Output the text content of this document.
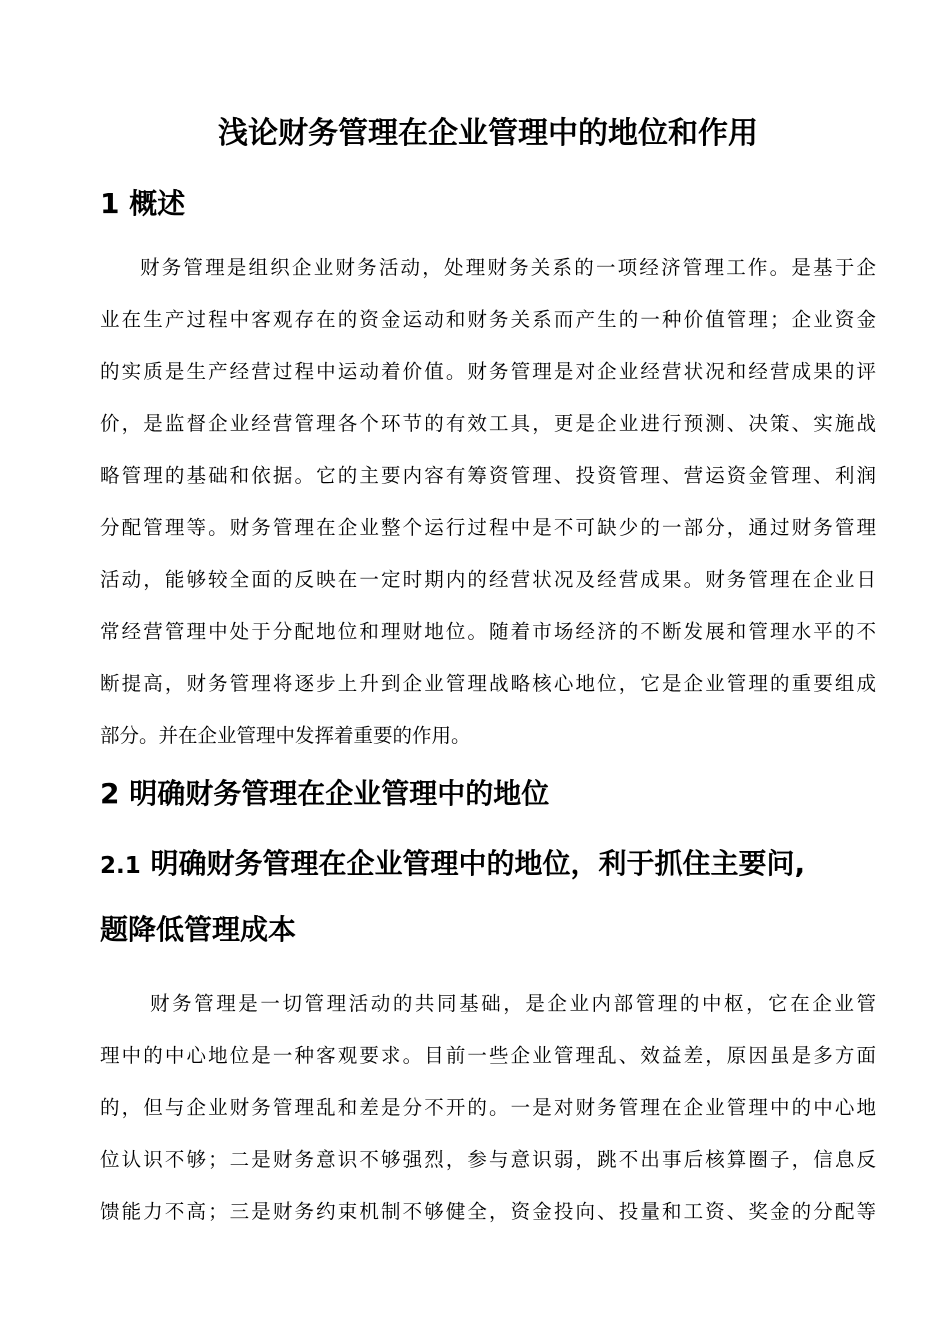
浅论财务管理在企业管理中的地位和作用
1 概述
财务管理是组织企业财务活动，处理财务关系的一项经济管理工作。是基于企
业在生产过程中客观存在的资金运动和财务关系而产生的一种价值管理；企业资金
的实质是生产经营过程中运动着价值。财务管理是对企业经营状况和经营成果的评
价，是监督企业经营管理各个环节的有效工具，更是企业进行预测、决策、实施战
略管理的基础和依据。它的主要内容有筹资管理、投资管理、营运资金管理、利润
分配管理等。财务管理在企业整个运行过程中是不可缺少的一部分，通过财务管理
活动，能够较全面的反映在一定时期内的经营状况及经营成果。财务管理在企业日
常经营管理中处于分配地位和理财地位。随着市场经济的不断发展和管理水平的不
断提高，财务管理将逐步上升到企业管理战略核心地位，它是企业管理的重要组成
部分。并在企业管理中发挥着重要的作用。
2 明确财务管理在企业管理中的地位
2.1 明确财务管理在企业管理中的地位，利于抓住主要问,
题降低管理成本
财务管理是一切管理活动的共同基础，是企业内部管理的中枢，它在企业管
理中的中心地位是一种客观要求。目前一些企业管理乱、效益差，原因虽是多方面
的，但与企业财务管理乱和差是分不开的。一是对财务管理在企业管理中的中心地
位认识不够；二是财务意识不够强烈，参与意识弱，跳不出事后核算圈子，信息反
馈能力不高；三是财务约束机制不够健全，资金投向、投量和工资、奖金的分配等
